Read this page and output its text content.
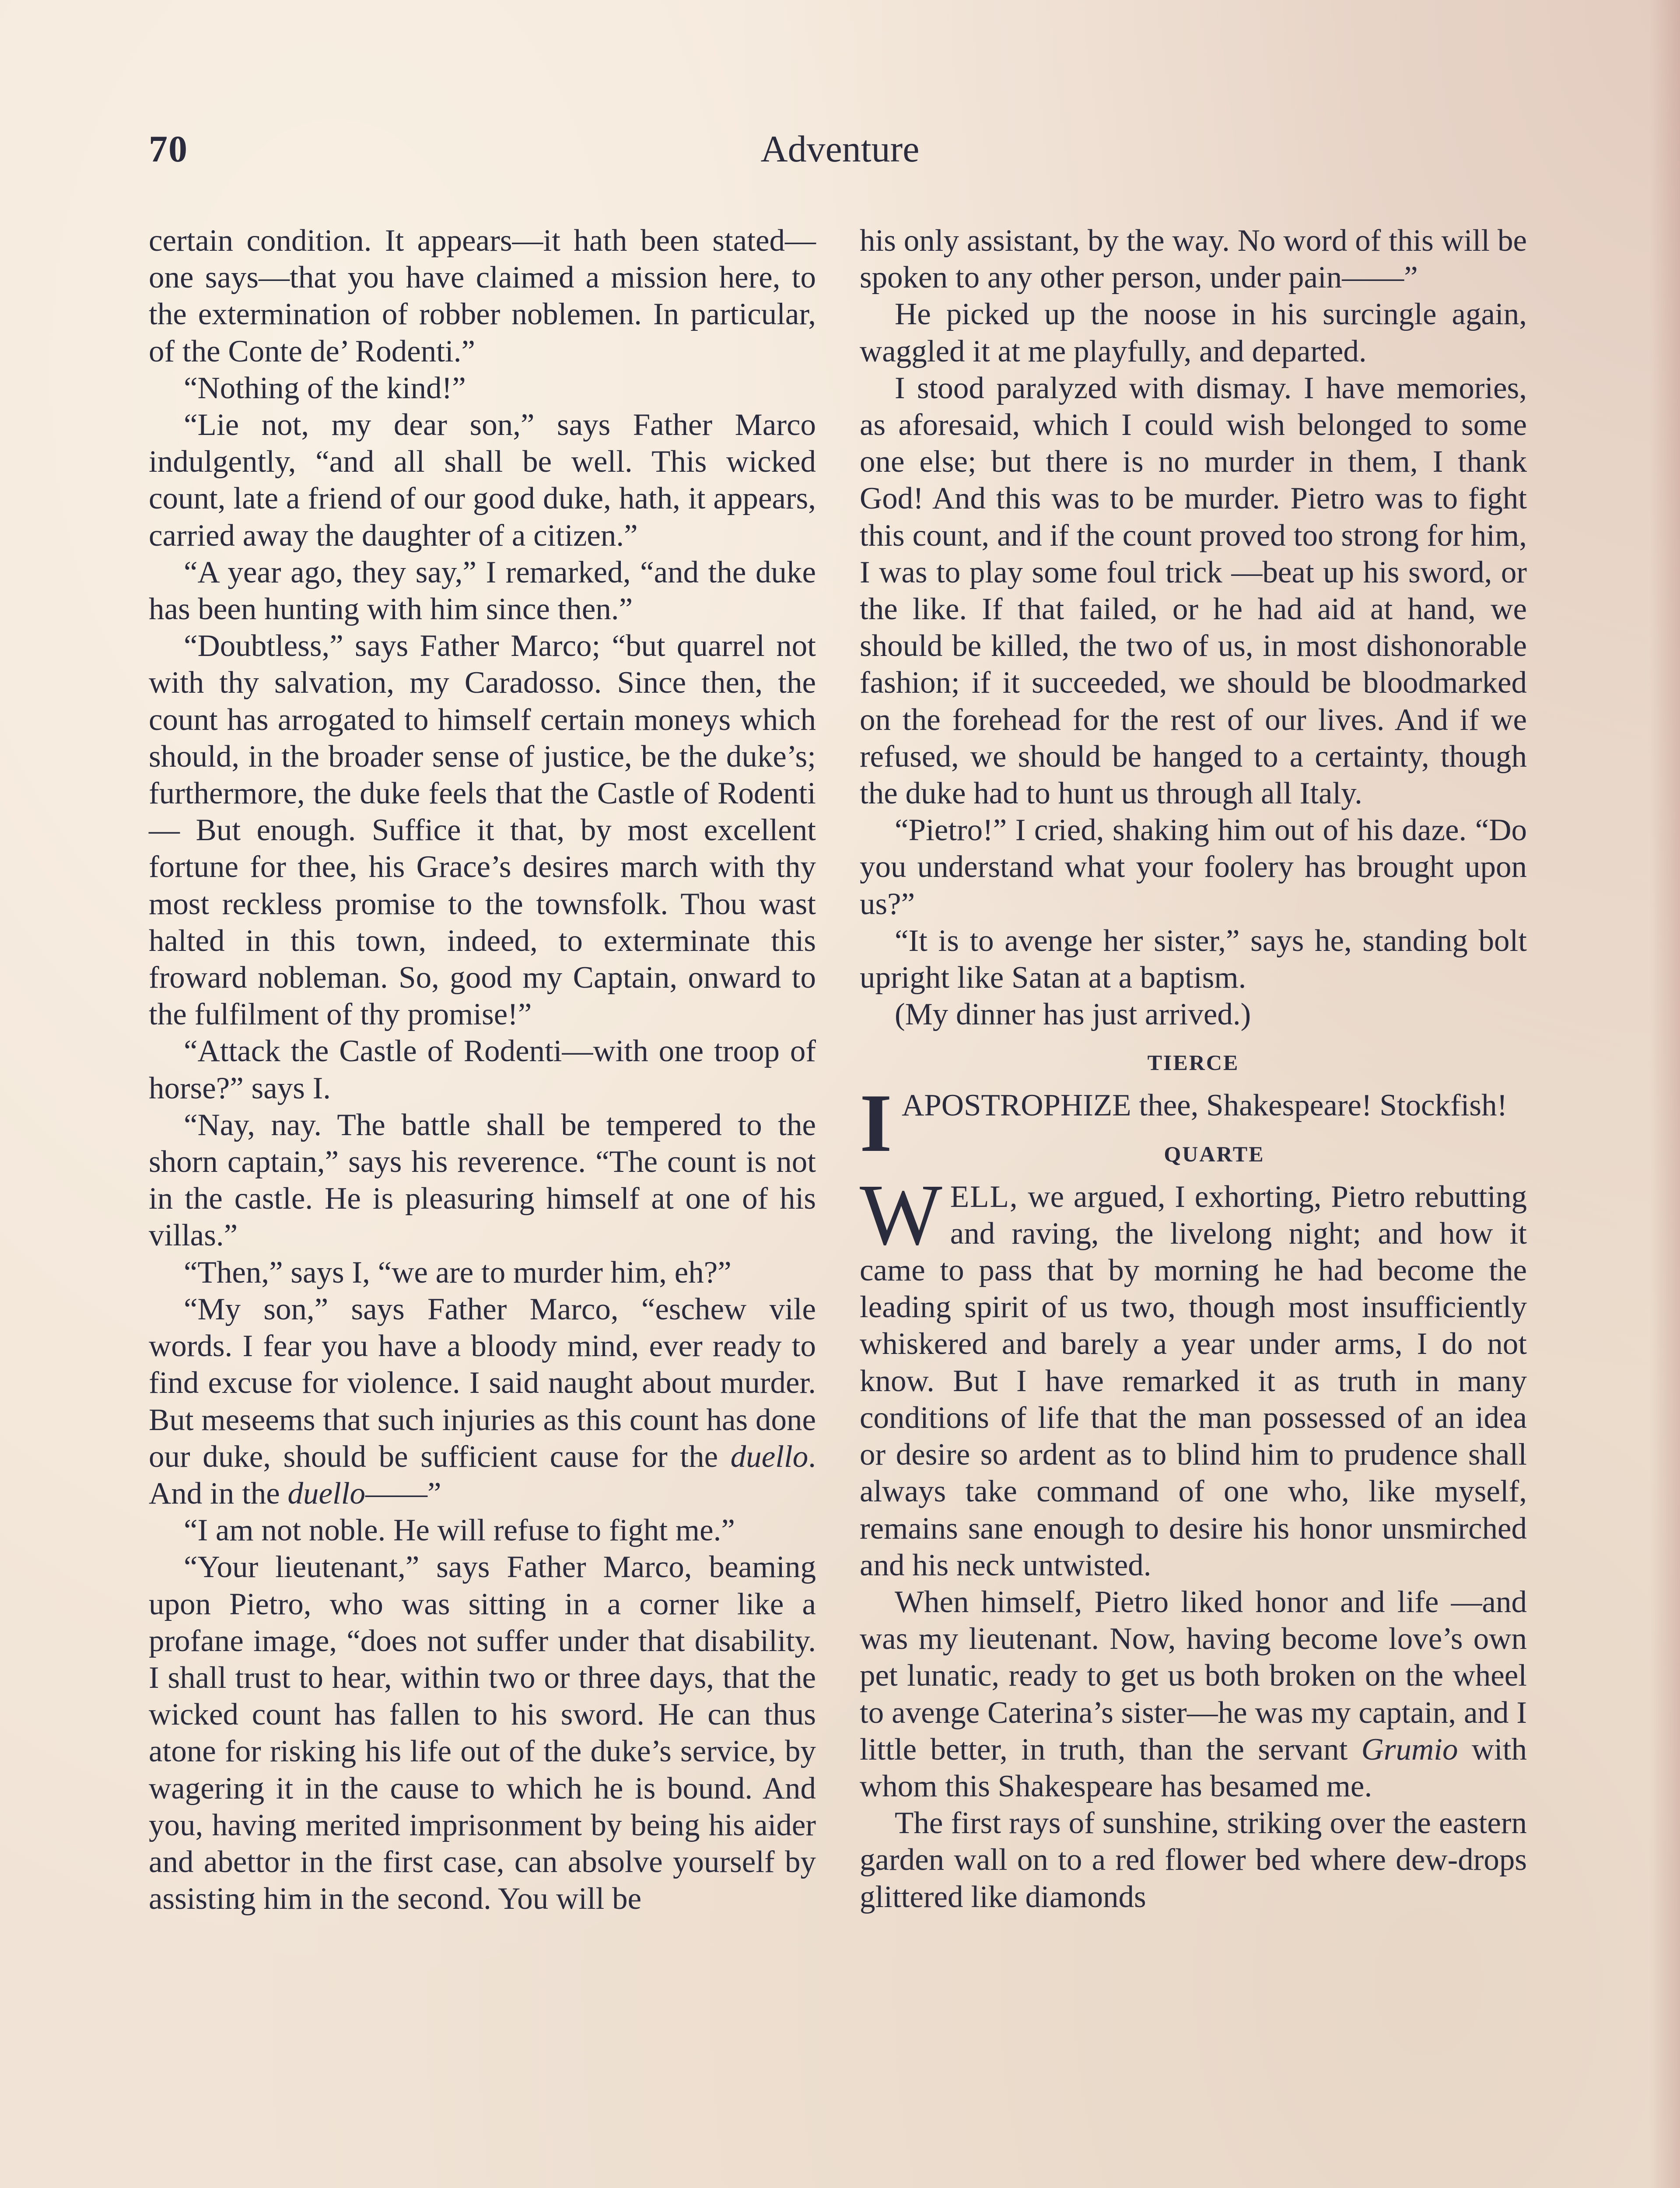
Adventure
70

certain condition. It appears—it hath been stated—one says—that you have claimed a mission here, to the extermination of robber noblemen. In particular, of the Conte de’ Rodenti.”

“Nothing of the kind!”

“Lie not, my dear son,” says Father Marco indulgently, “and all shall be well. This wicked count, late a friend of our good duke, hath, it appears, carried away the daughter of a citizen.”

“A year ago, they say,” I remarked, “and the duke has been hunting with him since then.”

“Doubtless,” says Father Marco; “but quarrel not with thy salvation, my Caradosso. Since then, the count has arrogated to himself certain moneys which should, in the broader sense of justice, be the duke’s; furthermore, the duke feels that the Castle of Rodenti— But enough. Suffice it that, by most excellent fortune for thee, his Grace’s desires march with thy most reckless promise to the townsfolk. Thou wast halted in this town, indeed, to exterminate this froward nobleman. So, good my Captain, onward to the fulfilment of thy promise!”

“Attack the Castle of Rodenti—with one troop of horse?” says I.

“Nay, nay. The battle shall be tempered to the shorn captain,” says his reverence. “The count is not in the castle. He is pleasuring himself at one of his villas.”

“Then,” says I, “we are to murder him, eh?”

“My son,” says Father Marco, “eschew vile words. I fear you have a bloody mind, ever ready to find excuse for violence. I said naught about murder. But meseems that such injuries as this count has done our duke, should be sufficient cause for the duello. And in the duello——”

“I am not noble. He will refuse to fight me.”

“Your lieutenant,” says Father Marco, beaming upon Pietro, who was sitting in a corner like a profane image, “does not suffer under that disability. I shall trust to hear, within two or three days, that the wicked count has fallen to his sword. He can thus atone for risking his life out of the duke’s service, by wagering it in the cause to which he is bound. And you, having merited imprisonment by being his aider and abettor in the first case, can absolve yourself by assisting him in the second. You will be

his only assistant, by the way. No word of this will be spoken to any other person, under pain——”

He picked up the noose in his surcingle again, waggled it at me playfully, and departed.

I stood paralyzed with dismay. I have memories, as aforesaid, which I could wish belonged to some one else; but there is no murder in them, I thank God! And this was to be murder. Pietro was to fight this count, and if the count proved too strong for him, I was to play some foul trick —beat up his sword, or the like. If that failed, or he had aid at hand, we should be killed, the two of us, in most dishonorable fashion; if it succeeded, we should be bloodmarked on the forehead for the rest of our lives. And if we refused, we should be hanged to a certainty, though the duke had to hunt us through all Italy.

“Pietro!” I cried, shaking him out of his daze. “Do you understand what your foolery has brought upon us?”

“It is to avenge her sister,” says he, standing bolt upright like Satan at a baptism.

(My dinner has just arrived.)

TIERCE

IAPOSTROPHIZE thee, Shakespeare! Stockfish!

QUARTE

WELL, we argued, I exhorting, Pietro rebutting and raving, the livelong night; and how it came to pass that by morning he had become the leading spirit of us two, though most insufficiently whiskered and barely a year under arms, I do not know. But I have remarked it as truth in many conditions of life that the man possessed of an idea or desire so ardent as to blind him to prudence shall always take command of one who, like myself, remains sane enough to desire his honor unsmirched and his neck untwisted.

When himself, Pietro liked honor and life —and was my lieutenant. Now, having become love’s own pet lunatic, ready to get us both broken on the wheel to avenge Caterina’s sister—he was my captain, and I little better, in truth, than the servant Grumio with whom this Shakespeare has besamed me.

The first rays of sunshine, striking over the eastern garden wall on to a red flower bed where dew-drops glittered like diamonds
